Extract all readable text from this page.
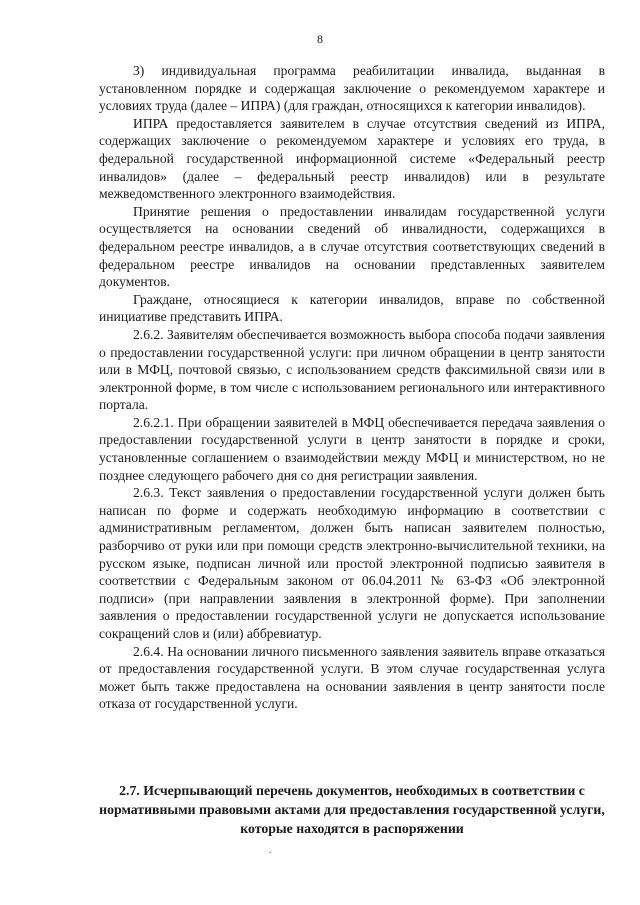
8

3) индивидуальная программа реабилитации инвалида, выданная в установленном порядке и содержащая заключение о рекомендуемом характере и условиях труда (далее – ИПРА) (для граждан, относящихся к категории инвалидов).

ИПРА предоставляется заявителем в случае отсутствия сведений из ИПРА, содержащих заключение о рекомендуемом характере и условиях его труда, в федеральной государственной информационной системе «Федеральный реестр инвалидов» (далее – федеральный реестр инвалидов) или в результате межведомственного электронного взаимодействия.

Принятие решения о предоставлении инвалидам государственной услуги осуществляется на основании сведений об инвалидности, содержащихся в федеральном реестре инвалидов, а в случае отсутствия соответствующих сведений в федеральном реестре инвалидов на основании представленных заявителем документов.

Граждане, относящиеся к категории инвалидов, вправе по собственной инициативе представить ИПРА.

2.6.2. Заявителям обеспечивается возможность выбора способа подачи заявления о предоставлении государственной услуги: при личном обращении в центр занятости или в МФЦ, почтовой связью, с использованием средств факсимильной связи или в электронной форме, в том числе с использованием регионального или интерактивного портала.

2.6.2.1. При обращении заявителей в МФЦ обеспечивается передача заявления о предоставлении государственной услуги в центр занятости в порядке и сроки, установленные соглашением о взаимодействии между МФЦ и министерством, но не позднее следующего рабочего дня со дня регистрации заявления.

2.6.3. Текст заявления о предоставлении государственной услуги должен быть написан по форме и содержать необходимую информацию в соответствии с административным регламентом, должен быть написан заявителем полностью, разборчиво от руки или при помощи средств электронно-вычислительной техники, на русском языке, подписан личной или простой электронной подписью заявителя в соответствии с Федеральным законом от 06.04.2011 № 63-ФЗ «Об электронной подписи» (при направлении заявления в электронной форме). При заполнении заявления о предоставлении государственной услуги не допускается использование сокращений слов и (или) аббревиатур.

2.6.4. На основании личного письменного заявления заявитель вправе отказаться от предоставления государственной услуги. В этом случае государственная услуга может быть также предоставлена на основании заявления в центр занятости после отказа от государственной услуги.

2.7. Исчерпывающий перечень документов, необходимых в соответствии с нормативными правовыми актами для предоставления государственной услуги, которые находятся в распоряжении
.
